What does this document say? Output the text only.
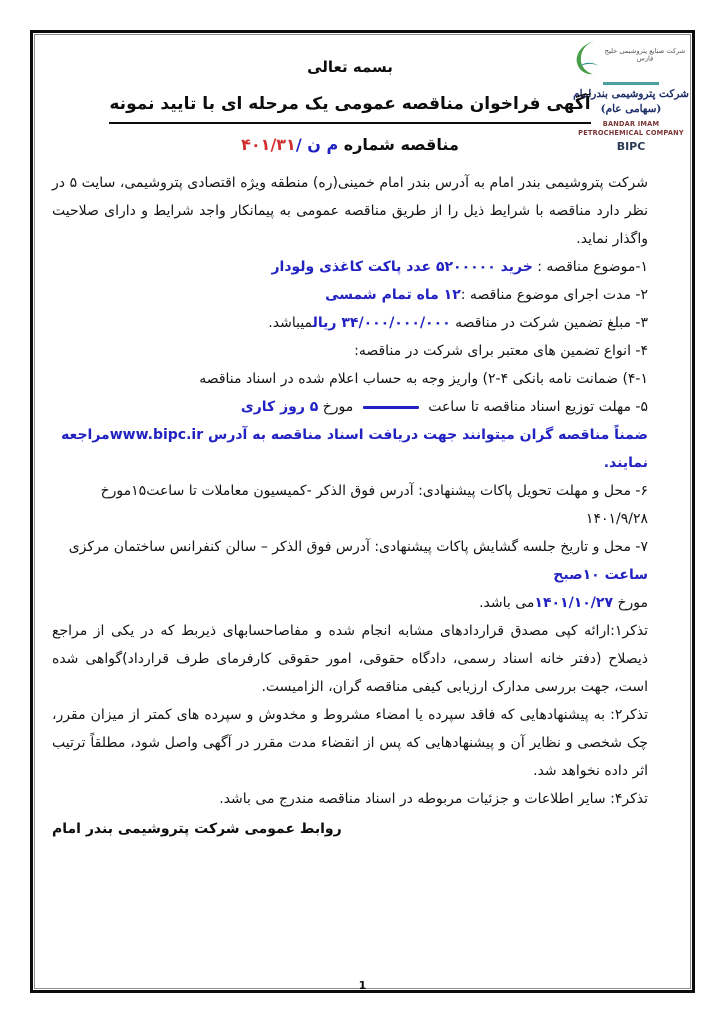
شرکت صنایع پتروشیمی خلیج فارس
شرکت پتروشیمی بندرامام (سهامی عام)
BANDAR IMAM PETROCHEMICAL COMPANY
BIPC
بسمه تعالی
آگهی فراخوان مناقصه عمومی یک مرحله ای با تایید نمونه
مناقصه شماره م ن /۴۰۱/۳۱

شرکت پتروشیمی بندر امام به آدرس بندر امام خمینی(ره) منطقه ویژه اقتصادی پتروشیمی، سایت ۵ در نظر دارد مناقصه با شرایط ذیل را از طریق مناقصه عمومی به پیمانکار واجد شرایط و دارای صلاحیت واگذار نماید.

۱-موضوع مناقصه : خرید ۵۲۰۰۰۰۰ عدد پاکت کاغذی ولودار
۲- مدت اجرای موضوع مناقصه :۱۲ ماه تمام شمسی
۳- مبلغ تضمین شرکت در مناقصه ۳۴/۰۰۰/۰۰۰/۰۰۰ ریالمیباشد.
۴- انواع تضمین های معتبر برای شرکت در مناقصه:
۴-۱) ضمانت نامه بانکی ۴-۲) واریز وجه به حساب اعلام شده در اسناد مناقصه
۵- مهلت توزیع اسناد مناقصه تا ساعت  مورخ ۵ روز کاری
ضمناً مناقصه گران میتوانند جهت دریافت اسناد مناقصه به آدرس www.bipc.irمراجعه نمایند.
۶- محل و مهلت تحویل پاکات پیشنهادی: آدرس فوق الذکر -کمیسیون معاملات تا ساعت۱۵مورخ ۱۴۰۱/۹/۲۸
۷- محل و تاریخ جلسه گشایش پاکات پیشنهادی: آدرس فوق الذکر – سالن کنفرانس ساختمان مرکزی ساعت ۱۰صبح
مورخ ۱۴۰۱/۱۰/۲۷می باشد.

تذکر۱:ارائه کپی مصدق قراردادهای مشابه انجام شده و مفاصاحسابهای ذیربط که در یکی از مراجع ذیصلاح (دفتر خانه اسناد رسمی، دادگاه حقوقی، امور حقوقی کارفرمای طرف قرارداد)گواهی شده است، جهت بررسی مدارک ارزیابی کیفی مناقصه گران، الزامیست.

تذکر۲: به پیشنهادهایی که فاقد سپرده یا امضاء مشروط و مخدوش و سپرده های کمتر از میزان مقرر، چک شخصی و نظایر آن و پیشنهادهایی که پس از انقضاء مدت مقرر در آگهی واصل شود، مطلقاً ترتیب اثر داده نخواهد شد.

تذکر۴: سایر اطلاعات و جزئیات مربوطه در اسناد مناقصه مندرج می باشد.
روابط عمومی شرکت پتروشیمی بندر امام
1
